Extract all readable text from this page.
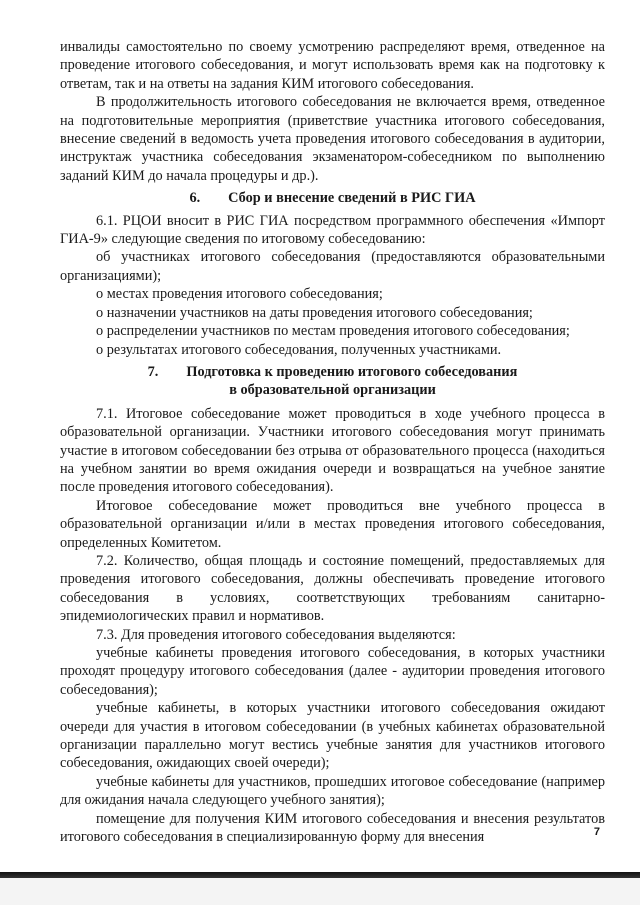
инвалиды самостоятельно по своему усмотрению распределяют время, отведенное на проведение итогового собеседования, и могут использовать время как на подготовку к ответам, так и на ответы на задания КИМ итогового собеседования.

В продолжительность итогового собеседования не включается время, отведенное на подготовительные мероприятия (приветствие участника итогового собеседования, внесение сведений в ведомость учета проведения итогового собеседования в аудитории, инструктаж участника собеседования экзаменатором-собеседником по выполнению заданий КИМ до начала процедуры и др.).

6. Сбор и внесение сведений в РИС ГИА

6.1. РЦОИ вносит в РИС ГИА посредством программного обеспечения «Импорт ГИА-9» следующие сведения по итоговому собеседованию:

об участниках итогового собеседования (предоставляются образовательными организациями);

о местах проведения итогового собеседования;

о назначении участников на даты проведения итогового собеседования;

о распределении участников по местам проведения итогового собеседования;

о результатах итогового собеседования, полученных участниками.

7. Подготовка к проведению итогового собеседования
в образовательной организации

7.1. Итоговое собеседование может проводиться в ходе учебного процесса в образовательной организации. Участники итогового собеседования могут принимать участие в итоговом собеседовании без отрыва от образовательного процесса (находиться на учебном занятии во время ожидания очереди и возвращаться на учебное занятие после проведения итогового собеседования).

Итоговое собеседование может проводиться вне учебного процесса в образовательной организации и/или в местах проведения итогового собеседования, определенных Комитетом.

7.2. Количество, общая площадь и состояние помещений, предоставляемых для проведения итогового собеседования, должны обеспечивать проведение итогового собеседования в условиях, соответствующих требованиям санитарно-эпидемиологических правил и нормативов.

7.3. Для проведения итогового собеседования выделяются:

учебные кабинеты проведения итогового собеседования, в которых участники проходят процедуру итогового собеседования (далее - аудитории проведения итогового собеседования);

учебные кабинеты, в которых участники итогового собеседования ожидают очереди для участия в итоговом собеседовании (в учебных кабинетах образовательной организации параллельно могут вестись учебные занятия для участников итогового собеседования, ожидающих своей очереди);

учебные кабинеты для участников, прошедших итоговое собеседование (например для ожидания начала следующего учебного занятия);

помещение для получения КИМ итогового собеседования и внесения результатов итогового собеседования в специализированную форму для внесения	7
